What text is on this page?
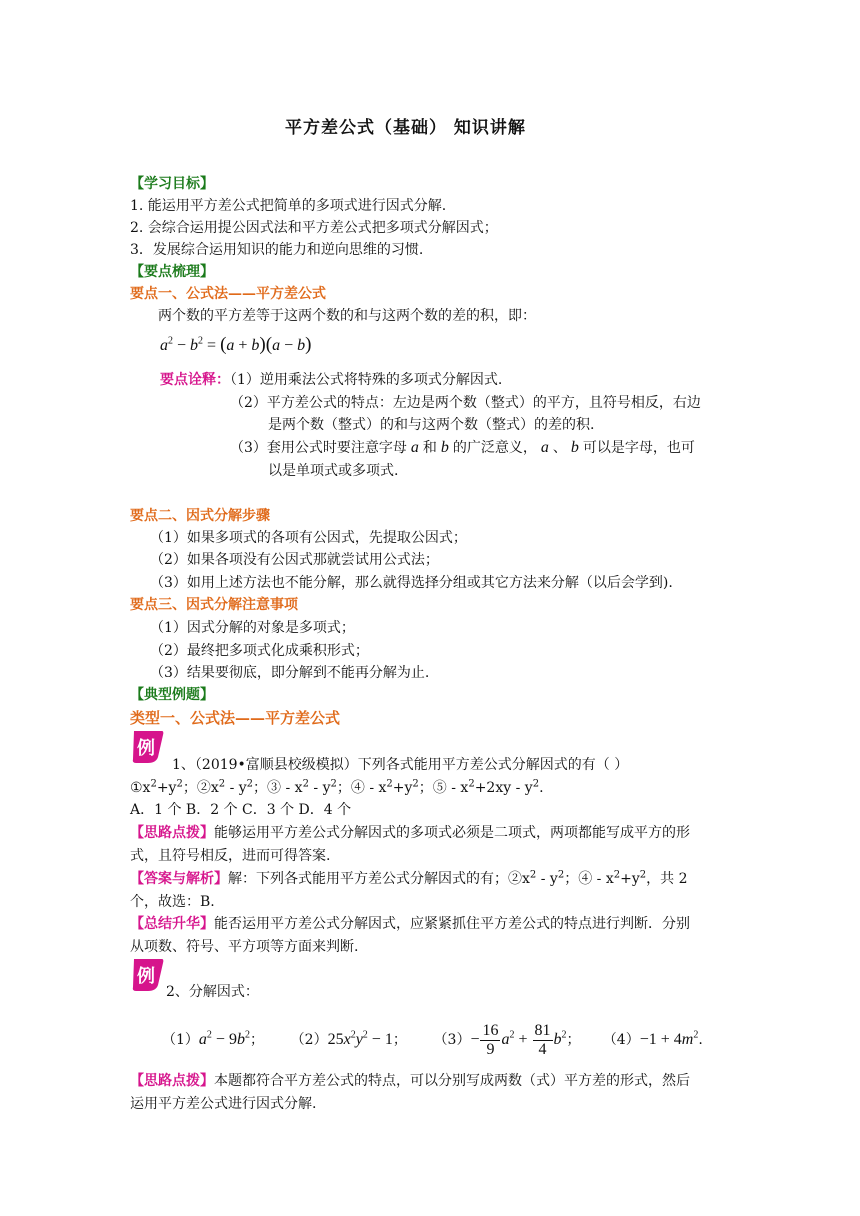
平方差公式（基础） 知识讲解
【学习目标】
1. 能运用平方差公式把简单的多项式进行因式分解.
2. 会综合运用提公因式法和平方差公式把多项式分解因式；
3．发展综合运用知识的能力和逆向思维的习惯.
【要点梳理】
要点一、公式法——平方差公式
两个数的平方差等于这两个数的和与这两个数的差的积，即：
$a^2 - b^2 = (a + b)(a - b)$
要点诠释：（1）逆用乘法公式将特殊的多项式分解因式.
（2）平方差公式的特点：左边是两个数（整式）的平方，且符号相反，右边
是两个数（整式）的和与这两个数（整式）的差的积.
（3）套用公式时要注意字母 a 和 b 的广泛意义， a 、 b 可以是字母，也可
以是单项式或多项式.
要点二、因式分解步骤
（1）如果多项式的各项有公因式，先提取公因式；
（2）如果各项没有公因式那就尝试用公式法；
（3）如用上述方法也不能分解，那么就得选择分组或其它方法来分解（以后会学到).
要点三、因式分解注意事项
（1）因式分解的对象是多项式；
（2）最终把多项式化成乘积形式；
（3）结果要彻底，即分解到不能再分解为止.
【典型例题】
类型一、公式法——平方差公式
例
1、（2019•富顺县校级模拟）下列各式能用平方差公式分解因式的有（ ）
$①x^2+y^2$；$②x^2 - y^2$；③ - $x^2 - y^2$；④ - $x^2+y^2$；⑤ - $x^2+2xy - y^2$.
A．1 个 B．2 个 C．3 个 D．4 个
【思路点拨】能够运用平方差公式分解因式的多项式必须是二项式，两项都能写成平方的形
式，且符号相反，进而可得答案.
【答案与解析】解：下列各式能用平方差公式分解因式的有；$②x^2 - y^2$；④ - $x^2+y^2$，共 2
个，故选：B.
【总结升华】能否运用平方差公式分解因式，应紧紧抓住平方差公式的特点进行判断．分别
从项数、符号、平方项等方面来判断.
例
2、分解因式：
$(1)a^2 - 9b^2$； $(2)25x^2y^2 - 1$； $(3)- \frac{16}{9} a^2 + \frac{81}{4} b^2$； $(4)-1 + 4m^2$.
【思路点拨】本题都符合平方差公式的特点，可以分别写成两数（式）平方差的形式，然后
运用平方差公式进行因式分解.
